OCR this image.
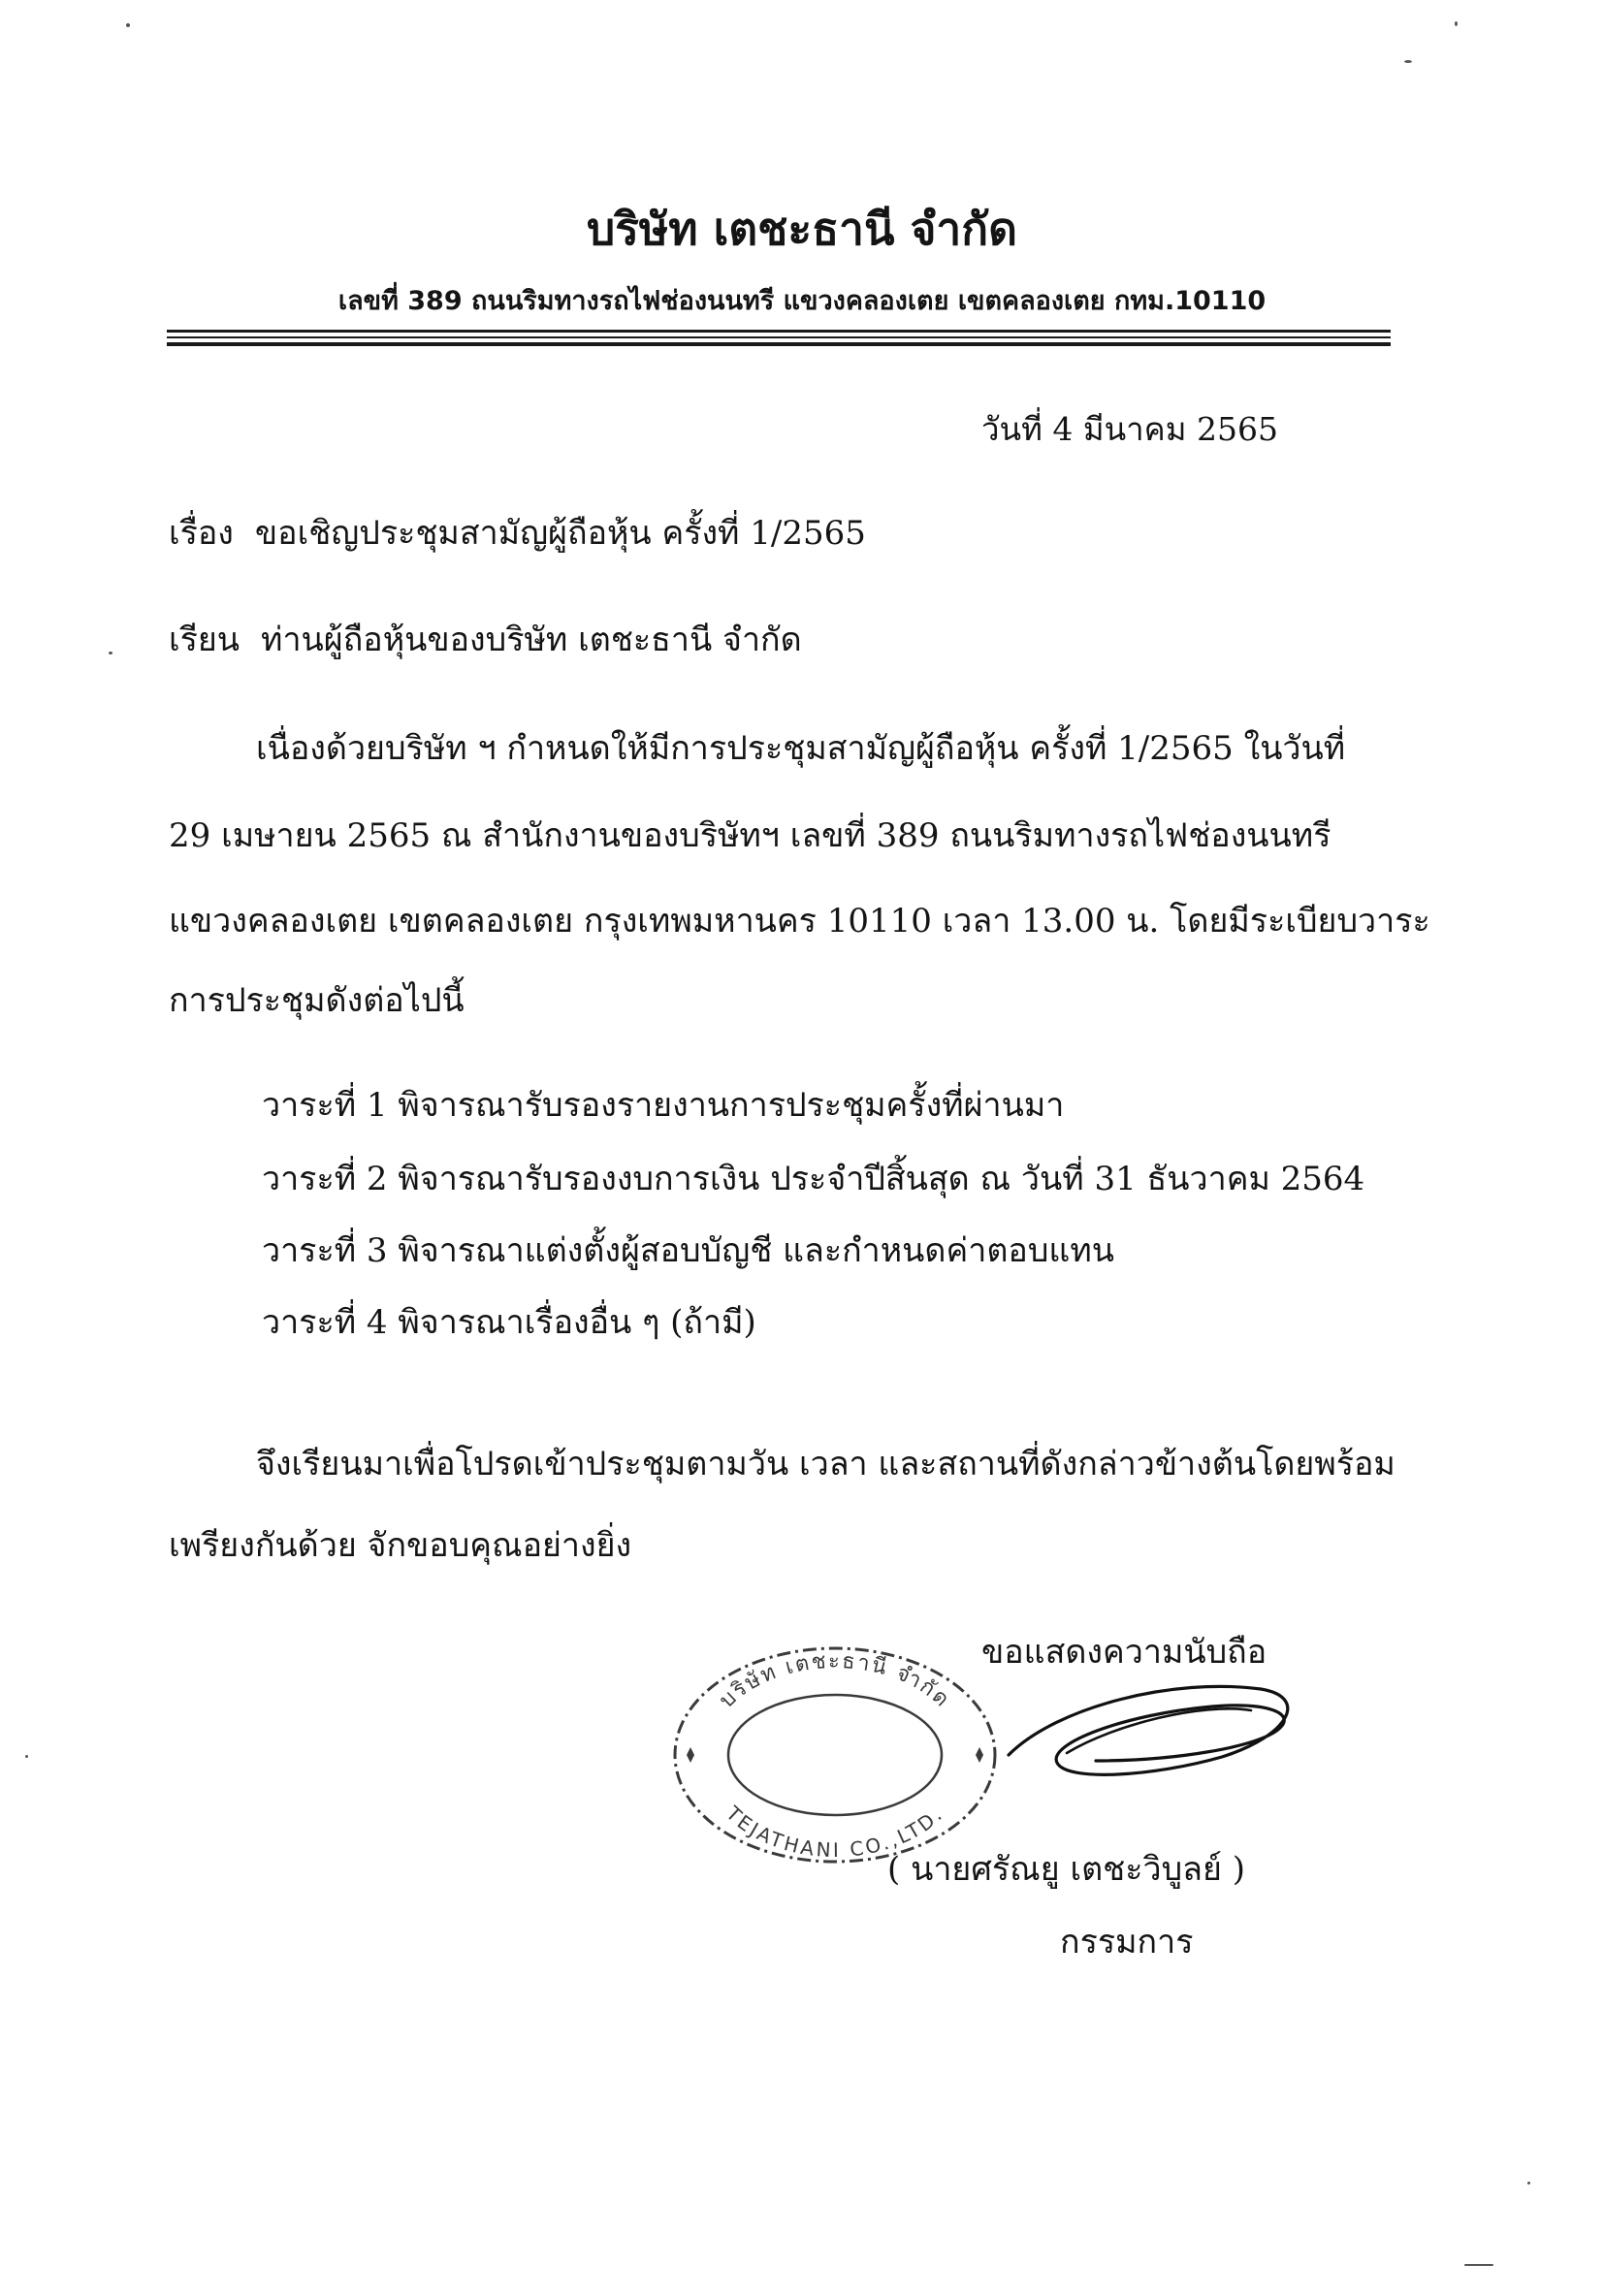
บริษัท เตชะธานี จำกัด
เลขที่ 389 ถนนริมทางรถไฟช่องนนทรี แขวงคลองเตย เขตคลองเตย กทม.10110
วันที่ 4 มีนาคม 2565
เรื่อง ขอเชิญประชุมสามัญผู้ถือหุ้น ครั้งที่ 1/2565
เรียน ท่านผู้ถือหุ้นของบริษัท เตชะธานี จำกัด
เนื่องด้วยบริษัท ฯ กำหนดให้มีการประชุมสามัญผู้ถือหุ้น ครั้งที่ 1/2565 ในวันที่
29 เมษายน 2565 ณ สำนักงานของบริษัทฯ เลขที่ 389 ถนนริมทางรถไฟช่องนนทรี
แขวงคลองเตย เขตคลองเตย กรุงเทพมหานคร 10110 เวลา 13.00 น. โดยมีระเบียบวาระ
การประชุมดังต่อไปนี้
วาระที่ 1 พิจารณารับรองรายงานการประชุมครั้งที่ผ่านมา
วาระที่ 2 พิจารณารับรองงบการเงิน ประจำปีสิ้นสุด ณ วันที่ 31 ธันวาคม 2564
วาระที่ 3 พิจารณาแต่งตั้งผู้สอบบัญชี และกำหนดค่าตอบแทน
วาระที่ 4 พิจารณาเรื่องอื่น ๆ (ถ้ามี)
จึงเรียนมาเพื่อโปรดเข้าประชุมตามวัน เวลา และสถานที่ดังกล่าวข้างต้นโดยพร้อม
เพรียงกันด้วย จักขอบคุณอย่างยิ่ง
ขอแสดงความนับถือ
บริษัท เตชะธานี จำกัด
TEJATHANI CO.,LTD.
( นายศรัณยู เตชะวิบูลย์ )
กรรมการ
